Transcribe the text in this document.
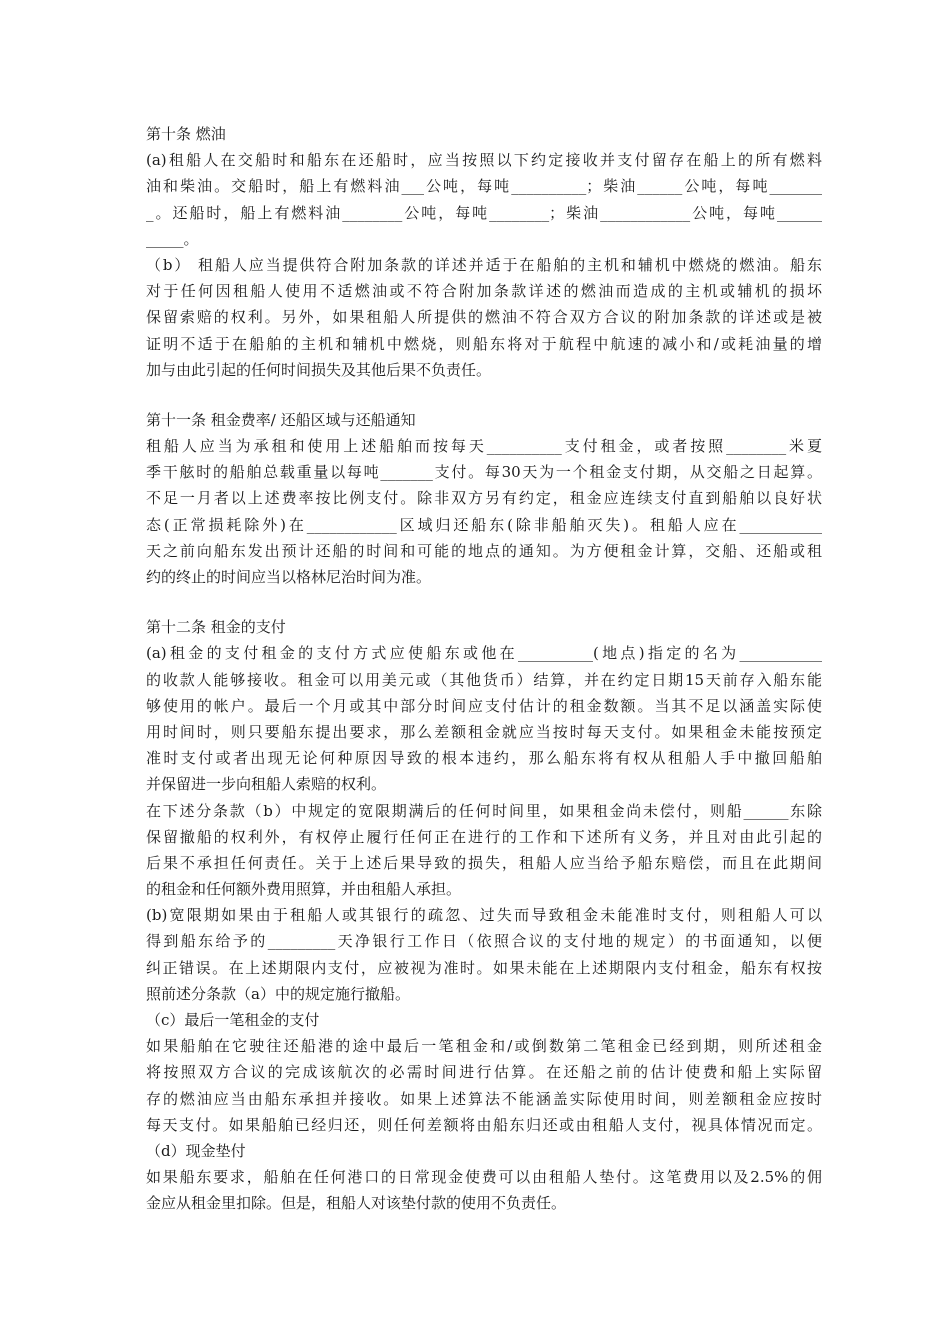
第十条 燃油
(a)租船人在交船时和船东在还船时，应当按照以下约定接收并支付留存在船上的所有燃料
油和柴油。交船时，船上有燃料油___公吨，每吨__________；柴油______公吨，每吨_______
_。还船时，船上有燃料油________公吨，每吨________；柴油____________公吨，每吨______
_____。
（b） 租船人应当提供符合附加条款的详述并适于在船舶的主机和辅机中燃烧的燃油。船东
对于任何因租船人使用不适燃油或不符合附加条款详述的燃油而造成的主机或辅机的损坏
保留索赔的权利。另外，如果租船人所提供的燃油不符合双方合议的附加条款的详述或是被
证明不适于在船舶的主机和辅机中燃烧，则船东将对于航程中航速的减小和/或耗油量的增
加与由此引起的任何时间损失及其他后果不负责任。
第十一条 租金费率/ 还船区域与还船通知
租船人应当为承租和使用上述船舶而按每天__________支付租金，或者按照________米夏
季干舷时的船舶总载重量以每吨_______支付。每30天为一个租金支付期，从交船之日起算。
不足一月者以上述费率按比例支付。除非双方另有约定，租金应连续支付直到船舶以良好状
态(正常损耗除外)在____________区域归还船东(除非船舶灭失)。租船人应在___________
天之前向船东发出预计还船的时间和可能的地点的通知。为方便租金计算，交船、还船或租
约的终止的时间应当以格林尼治时间为准。
第十二条 租金的支付
(a)租金的支付租金的支付方式应使船东或他在__________(地点)指定的名为___________
的收款人能够接收。租金可以用美元或（其他货币）结算，并在约定日期15天前存入船东能
够使用的帐户。最后一个月或其中部分时间应支付估计的租金数额。当其不足以涵盖实际使
用时间时，则只要船东提出要求，那么差额租金就应当按时每天支付。如果租金未能按预定
准时支付或者出现无论何种原因导致的根本违约，那么船东将有权从租船人手中撤回船舶
并保留进一步向租船人索赔的权利。
在下述分条款（b）中规定的宽限期满后的任何时间里，如果租金尚未偿付，则船______东除
保留撤船的权利外，有权停止履行任何正在进行的工作和下述所有义务，并且对由此引起的
后果不承担任何责任。关于上述后果导致的损失，租船人应当给予船东赔偿，而且在此期间
的租金和任何额外费用照算，并由租船人承担。
(b)宽限期如果由于租船人或其银行的疏忽、过失而导致租金未能准时支付，则租船人可以
得到船东给予的_________天净银行工作日（依照合议的支付地的规定）的书面通知，以便
纠正错误。在上述期限内支付，应被视为准时。如果未能在上述期限内支付租金，船东有权按
照前述分条款（a）中的规定施行撤船。
（c）最后一笔租金的支付
如果船舶在它驶往还船港的途中最后一笔租金和/或倒数第二笔租金已经到期，则所述租金
将按照双方合议的完成该航次的必需时间进行估算。在还船之前的估计使费和船上实际留
存的燃油应当由船东承担并接收。如果上述算法不能涵盖实际使用时间，则差额租金应按时
每天支付。如果船舶已经归还，则任何差额将由船东归还或由租船人支付，视具体情况而定。
（d）现金垫付
如果船东要求，船舶在任何港口的日常现金使费可以由租船人垫付。这笔费用以及2.5%的佣
金应从租金里扣除。但是，租船人对该垫付款的使用不负责任。
